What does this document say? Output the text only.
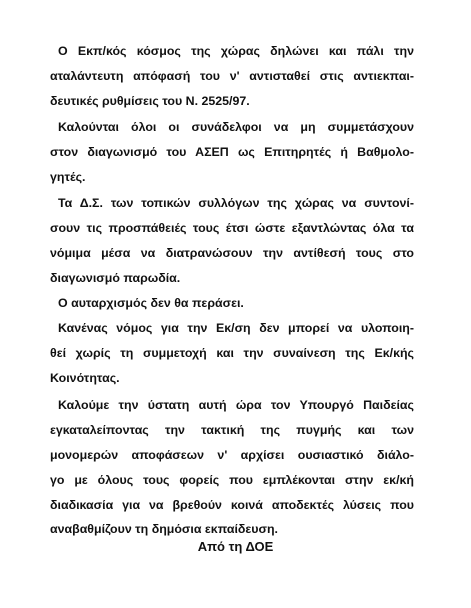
Ο Εκπ/κός κόσμος της χώρας δηλώνει και πάλι την
αταλάντευτη απόφασή του ν' αντισταθεί στις αντιεκπαι-
δευτικές ρυθμίσεις του Ν. 2525/97.
Καλούνται όλοι οι συνάδελφοι να μη συμμετάσχουν
στον διαγωνισμό του ΑΣΕΠ ως Επιτηρητές ή Βαθμολο-
γητές.
Τα Δ.Σ. των τοπικών συλλόγων της χώρας να συντονί-
σουν τις προσπάθειές τους έτσι ώστε εξαντλώντας όλα τα
νόμιμα μέσα να διατρανώσουν την αντίθεσή τους στο
διαγωνισμό παρωδία.
Ο αυταρχισμός δεν θα περάσει.
Κανένας νόμος για την Εκ/ση δεν μπορεί να υλοποιη-
θεί χωρίς τη συμμετοχή και την συναίνεση της Εκ/κής
Κοινότητας.
Καλούμε την ύστατη αυτή ώρα τον Υπουργό Παιδείας
εγκαταλείποντας την τακτική της πυγμής και των
μονομερών αποφάσεων ν' αρχίσει ουσιαστικό διάλο-
γο με όλους τους φορείς που εμπλέκονται στην εκ/κή
διαδικασία για να βρεθούν κοινά αποδεκτές λύσεις που
αναβαθμίζουν τη δημόσια εκπαίδευση.
Από τη ΔΟΕ
